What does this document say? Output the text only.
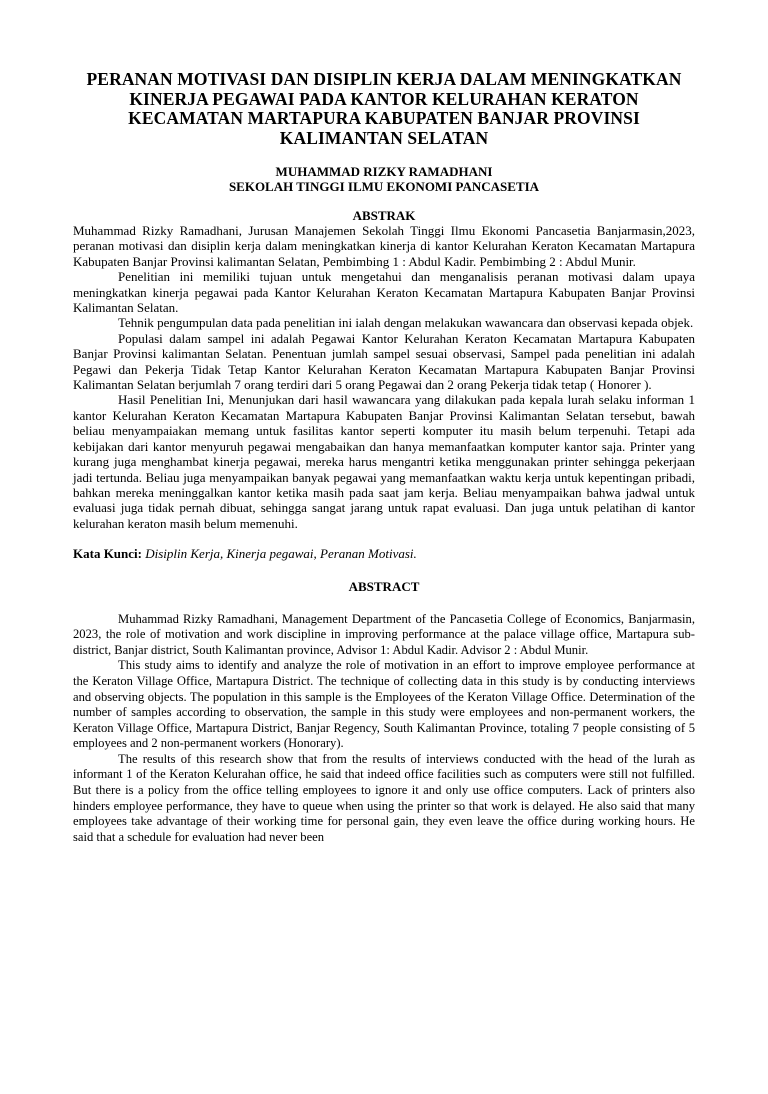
PERANAN MOTIVASI DAN DISIPLIN KERJA DALAM MENINGKATKAN
KINERJA PEGAWAI PADA KANTOR KELURAHAN KERATON
KECAMATAN MARTAPURA KABUPATEN BANJAR PROVINSI
KALIMANTAN SELATAN
MUHAMMAD RIZKY RAMADHANI
SEKOLAH TINGGI ILMU EKONOMI PANCASETIA
ABSTRAK

Muhammad Rizky Ramadhani, Jurusan Manajemen Sekolah Tinggi Ilmu Ekonomi Pancasetia Banjarmasin,2023, peranan motivasi dan disiplin kerja dalam meningkatkan kinerja di kantor Kelurahan Keraton Kecamatan Martapura Kabupaten Banjar Provinsi kalimantan Selatan, Pembimbing 1 : Abdul Kadir. Pembimbing 2 : Abdul Munir.

Penelitian ini memiliki tujuan untuk mengetahui dan menganalisis peranan motivasi dalam upaya meningkatkan kinerja pegawai pada Kantor Kelurahan Keraton Kecamatan Martapura Kabupaten Banjar Provinsi Kalimantan Selatan.

Tehnik pengumpulan data pada penelitian ini ialah dengan melakukan wawancara dan observasi kepada objek.

Populasi dalam sampel ini adalah Pegawai Kantor Kelurahan Keraton Kecamatan Martapura Kabupaten Banjar Provinsi kalimantan Selatan. Penentuan jumlah sampel sesuai observasi, Sampel pada penelitian ini adalah Pegawi dan Pekerja Tidak Tetap Kantor Kelurahan Keraton Kecamatan Martapura Kabupaten Banjar Provinsi Kalimantan Selatan berjumlah 7 orang terdiri dari 5 orang Pegawai dan 2 orang Pekerja tidak tetap ( Honorer ).

Hasil Penelitian Ini, Menunjukan dari hasil wawancara yang dilakukan pada kepala lurah selaku informan 1 kantor Kelurahan Keraton Kecamatan Martapura Kabupaten Banjar Provinsi Kalimantan Selatan tersebut, bawah beliau menyampaiakan memang untuk fasilitas kantor seperti komputer itu masih belum terpenuhi. Tetapi ada kebijakan dari kantor menyuruh pegawai mengabaikan dan hanya memanfaatkan komputer kantor saja. Printer yang kurang juga menghambat kinerja pegawai, mereka harus mengantri ketika menggunakan printer sehingga pekerjaan jadi tertunda. Beliau juga menyampaikan banyak pegawai yang memanfaatkan waktu kerja untuk kepentingan pribadi, bahkan mereka meninggalkan kantor ketika masih pada saat jam kerja. Beliau menyampaikan bahwa jadwal untuk evaluasi juga tidak pernah dibuat, sehingga sangat jarang untuk rapat evaluasi. Dan juga untuk pelatihan di kantor kelurahan keraton masih belum memenuhi.

Kata Kunci: Disiplin Kerja, Kinerja pegawai, Peranan Motivasi.
ABSTRACT

Muhammad Rizky Ramadhani, Management Department of the Pancasetia College of Economics, Banjarmasin, 2023, the role of motivation and work discipline in improving performance at the palace village office, Martapura sub-district, Banjar district, South Kalimantan province, Advisor 1: Abdul Kadir. Advisor 2 : Abdul Munir.

This study aims to identify and analyze the role of motivation in an effort to improve employee performance at the Keraton Village Office, Martapura District. The technique of collecting data in this study is by conducting interviews and observing objects. The population in this sample is the Employees of the Keraton Village Office. Determination of the number of samples according to observation, the sample in this study were employees and non-permanent workers, the Keraton Village Office, Martapura District, Banjar Regency, South Kalimantan Province, totaling 7 people consisting of 5 employees and 2 non-permanent workers (Honorary).

The results of this research show that from the results of interviews conducted with the head of the lurah as informant 1 of the Keraton Kelurahan office, he said that indeed office facilities such as computers were still not fulfilled. But there is a policy from the office telling employees to ignore it and only use office computers. Lack of printers also hinders employee performance, they have to queue when using the printer so that work is delayed. He also said that many employees take advantage of their working time for personal gain, they even leave the office during working hours. He said that a schedule for evaluation had never been
